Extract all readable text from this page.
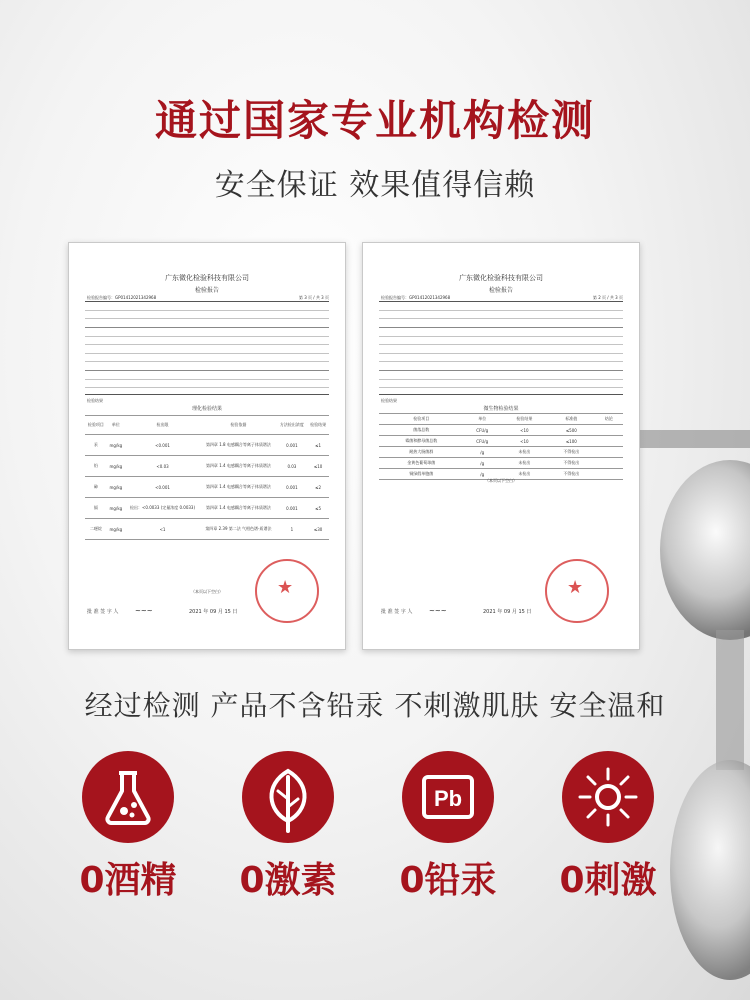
通过国家专业机构检测
安全保证 效果值得信赖
广东微化检验科技有限公司
检验报告
检验报告编号：GP01412021342968	第 3 页 / 共 3 页
检验结果
理化检验结果
检验项目	单位	检出限	检验依据	方法检出浓度	检验结果
汞	mg/kg	<0.001	第四章 1.8 电感耦合等离子体质谱法	0.001	≤1
铅	mg/kg	<0.03	第四章 1.4 电感耦合等离子体质谱法	0.03	≤10
砷	mg/kg	<0.001	第四章 1.4 电感耦合等离子体质谱法	0.001	≤2
镉	mg/kg	检出：<0.0033 (定量浓度 0.0033)	第四章 1.4 电感耦合等离子体质谱法	0.001	≤5
二噁烷	mg/kg	<1	第四章 2.39 第二法 气相色谱-质谱法	1	≤30
（本页以下空白）
批 准 签 字 人 ~~~	2021 年 09 月 15 日
★
广东微化检验科技有限公司
检验报告
检验报告编号：GP01412021342968	第 2 页 / 共 3 页
检验结果
微生物检验结果
检验项目	单位	检验结果	标准值	结论
菌落总数	CFU/g	<10	≤500	
霉菌和酵母菌总数	CFU/g	<10	≤100	
耐热大肠菌群	/g	未检出	不得检出	
金黄色葡萄球菌	/g	未检出	不得检出	
铜绿假单胞菌	/g	未检出	不得检出	
（本页以下空白）
批 准 签 字 人 ~~~	2021 年 09 月 15 日
★
经过检测 产品不含铅汞 不刺激肌肤 安全温和
Pb
0酒精	0激素	0铅汞	0刺激
